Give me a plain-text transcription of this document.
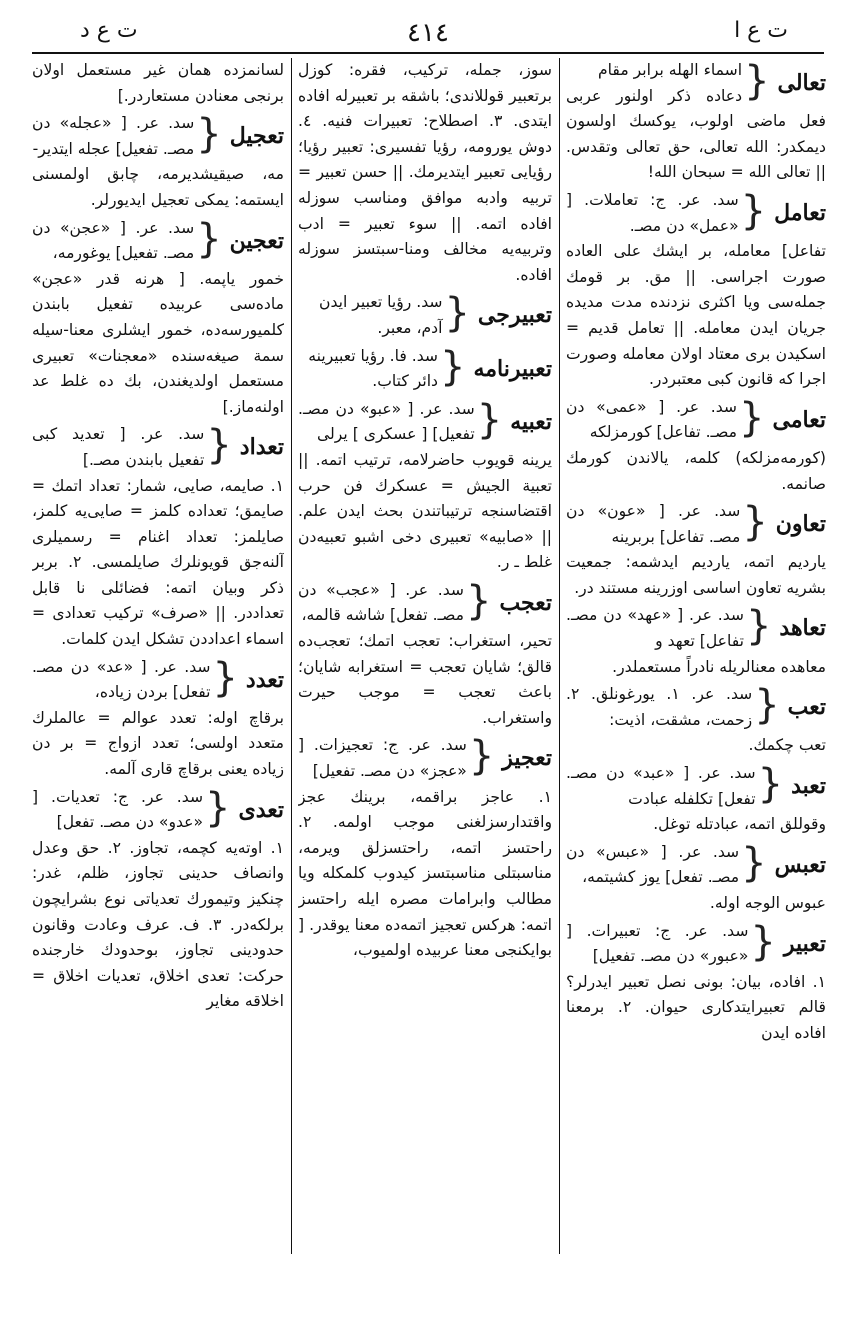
ت ع ا
٤١٤
ت ع د
تعالى
{
اسماء الهله برابر مقام
دعاده ذكر اولنور عربی فعل ماضی اولوب، یوكسك اولسون دیمكدر: الله تعالی، حق تعالی وتقدس. || تعالی الله = سبحان الله!
تعامل
{
سد. عر. ج: تعاملات. [ «عمل» دن مصـ.
تفاعل] معامله، بر ایشك علی العاده صورت اجراسی. || مق. بر قومك جمله‌سی ویا اكثری نزدنده مدت مدیده جریان ایدن معامله. || تعامل قدیم = اسكیدن بری معتاد اولان معامله وصورت اجرا كه قانون كبی معتبردر.
تعامی
{
سد. عر. [ «عمی» دن مصـ. تفاعل] كورمزلكه
(كورمه‌مزلكه) كلمه، یالاندن كورمك صانمه.
تعاون
{
سد. عر. [ «عون» دن مصـ. تفاعل] بربرینه
یاردیم اتمه، یاردیم ایدشمه: جمعیت بشریه تعاون اساسی اوزرینه مستند در.
تعاهد
{
سد. عر. [ «عهد» دن مصـ. تفاعل] تعهد و
معاهده معنالریله نادراً مستعملدر.
تعب
{
سد. عر. ١. یورغونلق. ٢. زحمت، مشقت، اذیت:
تعب چكمك.
تعبد
{
سد. عر. [ «عبد» دن مصـ. تفعل] تكلفله عبادت
وقوللق اتمه، عبادتله توغل.
تعبس
{
سد. عر. [ «عبس» دن مصـ. تفعل] یوز كشیتمه،
عبوس الوجه اوله.
تعبیر
{
سد. عر. ج: تعبیرات. [ «عبور» دن مصـ. تفعیل]
١. افاده، بیان: بونی نصل تعبیر ایدرلر؟ قالم تعبیرایتدكاری حیوان. ٢. برمعنا افاده ایدن
سوز، جمله، تركیب، فقره: كوزل برتعبیر قوللاندی؛ باشقه بر تعبیرله افاده ایتدی. ٣. اصطلاح: تعبیرات فنیه. ٤. دوش یورومه، رؤیا تفسیری: تعبیر رؤیا؛ رؤیایی تعبیر ایتدیرمك. || حسن تعبیر = تربیه وادبه موافق ومناسب سوزله افاده اتمه. || سوء تعبیر = ادب وتربیه‌یه مخالف ومنا-سبتسز سوزله افاده.
تعبیرجی
{
سد. رؤیا تعبیر ایدن
آدم، معبر.
تعبیرنامه
{
سد. فا. رؤیا تعبیرینه
دائر كتاب.
تعبیه
{
سد. عر. [ «عبو» دن مصـ. تفعیل] [ عسكری ] یرلی
یرینه قویوب حاضرلامه، ترتیب اتمه. || تعبیة الجیش = عسكرك فن حرب اقتضاسنجه ترتیباتندن بحث ایدن علم. || «صابیه» تعبیری دخی اشبو تعبیه‌دن غلط ـ ر.
تعجب
{
سد. عر. [ «عجب» دن مصـ. تفعل] شاشه قالمه،
تحیر، استغراب: تعجب اتمك؛ تعجب‌ده قالق؛ شایان تعجب = استغرابه شایان؛ باعث تعجب = موجب حیرت واستغراب.
تعجیز
{
سد. عر. ج: تعجیزات. [ «عجز» دن مصـ. تفعیل]
١. عاجز براقمه، برینك عجز واقتدارسزلغنی موجب اولمه. ٢. راحتسز اتمه، راحتسزلق ویرمه، مناسبتلی مناسبتسز كیدوب كلمكله ویا مطالب وابرامات مصره ایله راحتسز اتمه: هركس تعجیز اتمه‌ده معنا یوقدر. [ بوایكنجی معنا عربیده اولمیوب،
لسانمزده همان غیر مستعمل اولان برنجی معنادن مستعاردر.]
تعجیل
{
سد. عر. [ «عجله» دن مصـ. تفعیل] عجله ایتدیر-
مه، صیقیشدیرمه، چابق اولمسنی ایستمه: یمكی تعجیل ایدیورلر.
تعجین
{
سد. عر. [ «عجن» دن مصـ. تفعیل] یوغورمه،
خمور یاپمه. [ هرنه قدر «عجن» ماده‌سی عربیده تفعیل بابندن كلمیورسه‌ده، خمور ایشلری معنا-سیله سمة صیغه‌سنده «معجنات» تعبیری مستعمل اولدیغندن، بك ده غلط عد اولنه‌ماز.]
تعداد
{
سد. عر. [ تعدید كبی تفعیل بابندن مصـ.]
١. صایمه، صایی، شمار: تعداد اتمك = صایمق؛ تعداده كلمز = صایی‌یه كلمز، صایلمز: تعداد اغنام = رسمیلری آلنه‌جق قویونلرك صایلمسی. ٢. بربر ذكر وبیان اتمه: فضائلی نا قابل تعداددر. || «صرف» تركیب تعدادی = اسماء اعداددن تشكل ایدن كلمات.
تعدد
{
سد. عر. [ «عد» دن مصـ. تفعل] بردن زیاده،
برقاچ اوله: تعدد عوالم = عالملرك متعدد اولسی؛ تعدد ازواج = بر دن زیاده یعنی برقاچ قاری آلمه.
تعدی
{
سد. عر. ج: تعدیات. [ «عدو» دن مصـ. تفعل]
١. اوته‌یه كچمه، تجاوز. ٢. حق وعدل وانصاف حدینی تجاوز، ظلم، غدر: چنكیز وتیمورك تعدیاتی نوع بشرایچون برلكه‌در. ٣. ف. عرف وعادت وقانون حدودینی تجاوز، بوحدودك خارجنده حركت: تعدی اخلاق، تعدیات اخلاق = اخلاقه مغایر
